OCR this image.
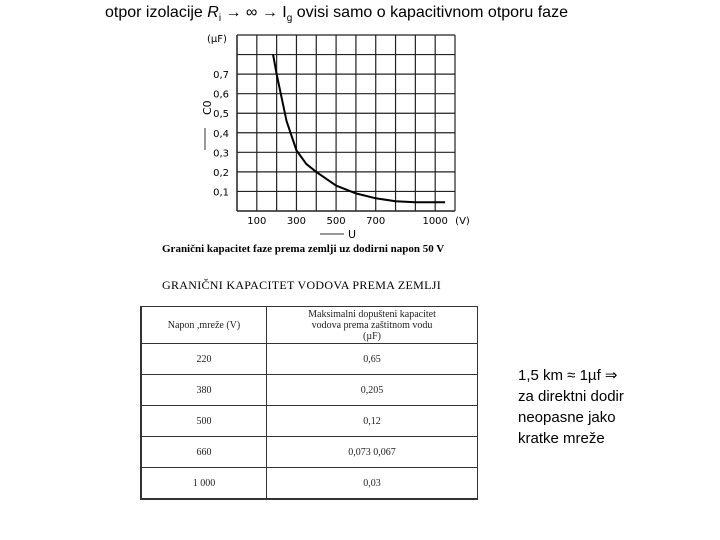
otpor izolacije $R_i$ → ∞ → $I_g$ ovisi samo o kapacitivnom otporu faze
100 300 500 700	1000 (V)
0,1
0,2
0,3
0,4
0,5
0,6
0,7
(µF)
C0
U
Granični kapacitet faze prema zemlji uz dodirni napon 50 V
GRANIČNI KAPACITET VODOVA PREMA ZEMLJI
Napon ,mreže (V)	Maksimalni dopušteni kapacitet vodova prema zaštitnom vodu (µF)
220	0,65
380	0,205
500	0,12
660	0,073 0,067
1 000	0,03
1,5 km ≈ 1µf ⇒
za direktni dodir
neopasne jako
kratke mreže
